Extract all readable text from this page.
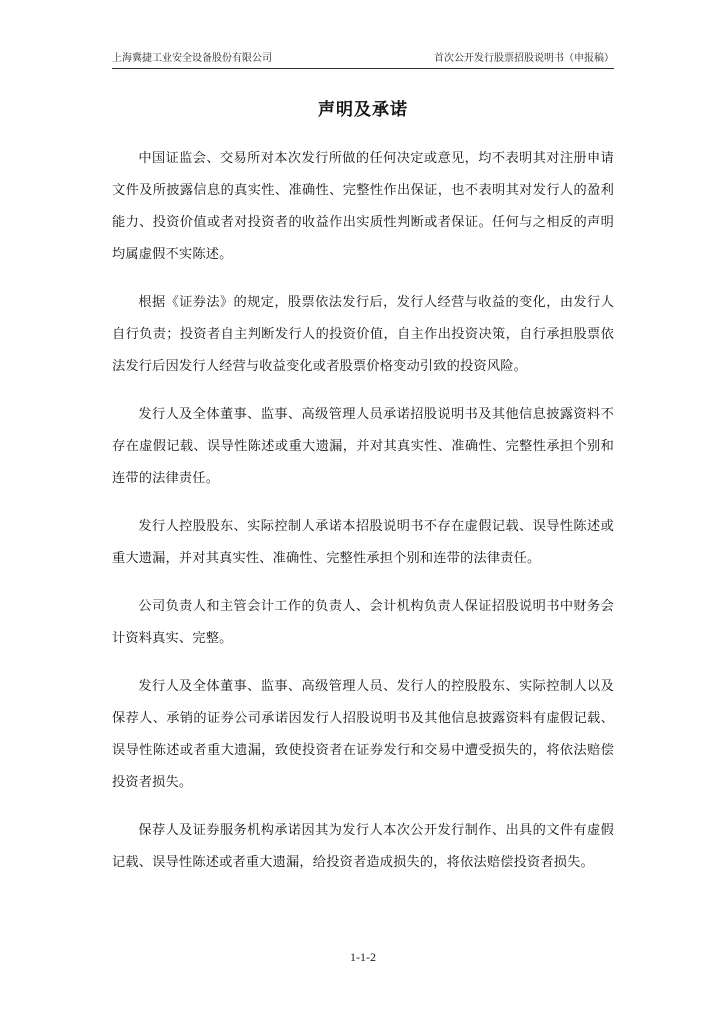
上海冀捷工业安全设备股份有限公司	首次公开发行股票招股说明书（申报稿）
声明及承诺

中国证监会、交易所对本次发行所做的任何决定或意见，均不表明其对注册申请文件及所披露信息的真实性、准确性、完整性作出保证，也不表明其对发行人的盈利能力、投资价值或者对投资者的收益作出实质性判断或者保证。任何与之相反的声明均属虚假不实陈述。

根据《证券法》的规定，股票依法发行后，发行人经营与收益的变化，由发行人自行负责；投资者自主判断发行人的投资价值，自主作出投资决策，自行承担股票依法发行后因发行人经营与收益变化或者股票价格变动引致的投资风险。

发行人及全体董事、监事、高级管理人员承诺招股说明书及其他信息披露资料不存在虚假记载、误导性陈述或重大遗漏，并对其真实性、准确性、完整性承担个别和连带的法律责任。

发行人控股股东、实际控制人承诺本招股说明书不存在虚假记载、误导性陈述或重大遗漏，并对其真实性、准确性、完整性承担个别和连带的法律责任。

公司负责人和主管会计工作的负责人、会计机构负责人保证招股说明书中财务会计资料真实、完整。

发行人及全体董事、监事、高级管理人员、发行人的控股股东、实际控制人以及保荐人、承销的证券公司承诺因发行人招股说明书及其他信息披露资料有虚假记载、误导性陈述或者重大遗漏，致使投资者在证券发行和交易中遭受损失的，将依法赔偿投资者损失。

保荐人及证券服务机构承诺因其为发行人本次公开发行制作、出具的文件有虚假记载、误导性陈述或者重大遗漏，给投资者造成损失的，将依法赔偿投资者损失。

1-1-2
